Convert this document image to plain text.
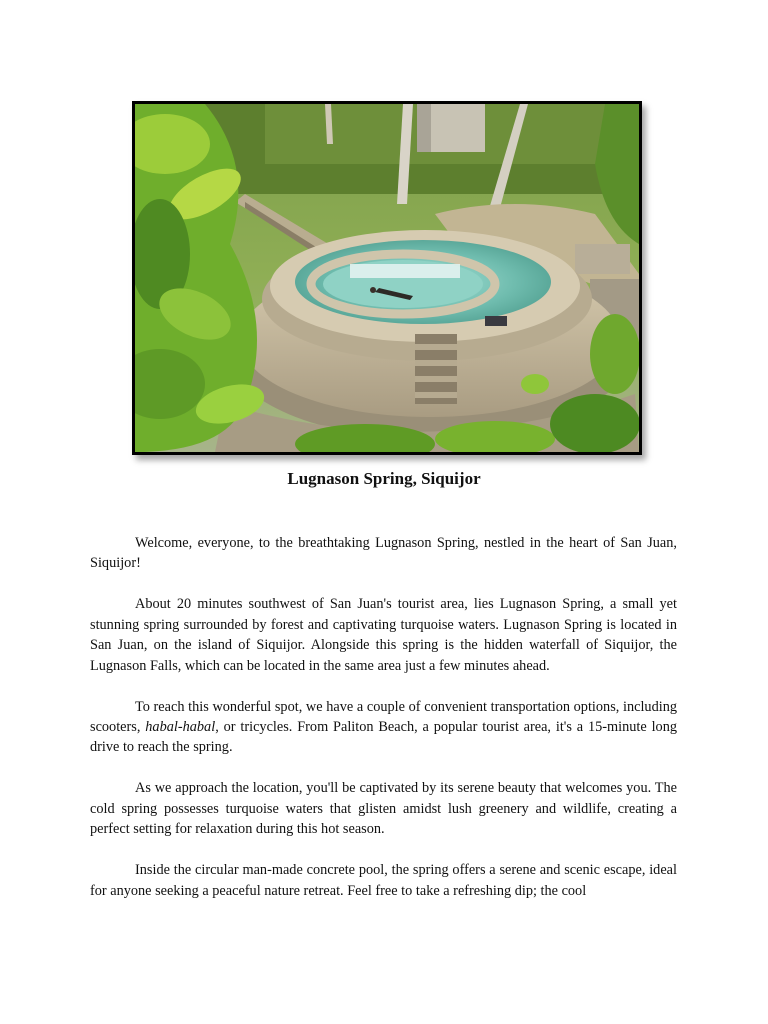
Lugnason Spring, Siquijor

Welcome, everyone, to the breathtaking Lugnason Spring, nestled in the heart of San Juan, Siquijor!

About 20 minutes southwest of San Juan's tourist area, lies Lugnason Spring, a small yet stunning spring surrounded by forest and captivating turquoise waters. Lugnason Spring is located in San Juan, on the island of Siquijor. Alongside this spring is the hidden waterfall of Siquijor, the Lugnason Falls, which can be located in the same area just a few minutes ahead.

To reach this wonderful spot, we have a couple of convenient transportation options, including scooters, habal-habal, or tricycles. From Paliton Beach, a popular tourist area, it's a 15-minute long drive to reach the spring.

As we approach the location, you'll be captivated by its serene beauty that welcomes you. The cold spring possesses turquoise waters that glisten amidst lush greenery and wildlife, creating a perfect setting for relaxation during this hot season.

Inside the circular man-made concrete pool, the spring offers a serene and scenic escape, ideal for anyone seeking a peaceful nature retreat. Feel free to take a refreshing dip; the cool
